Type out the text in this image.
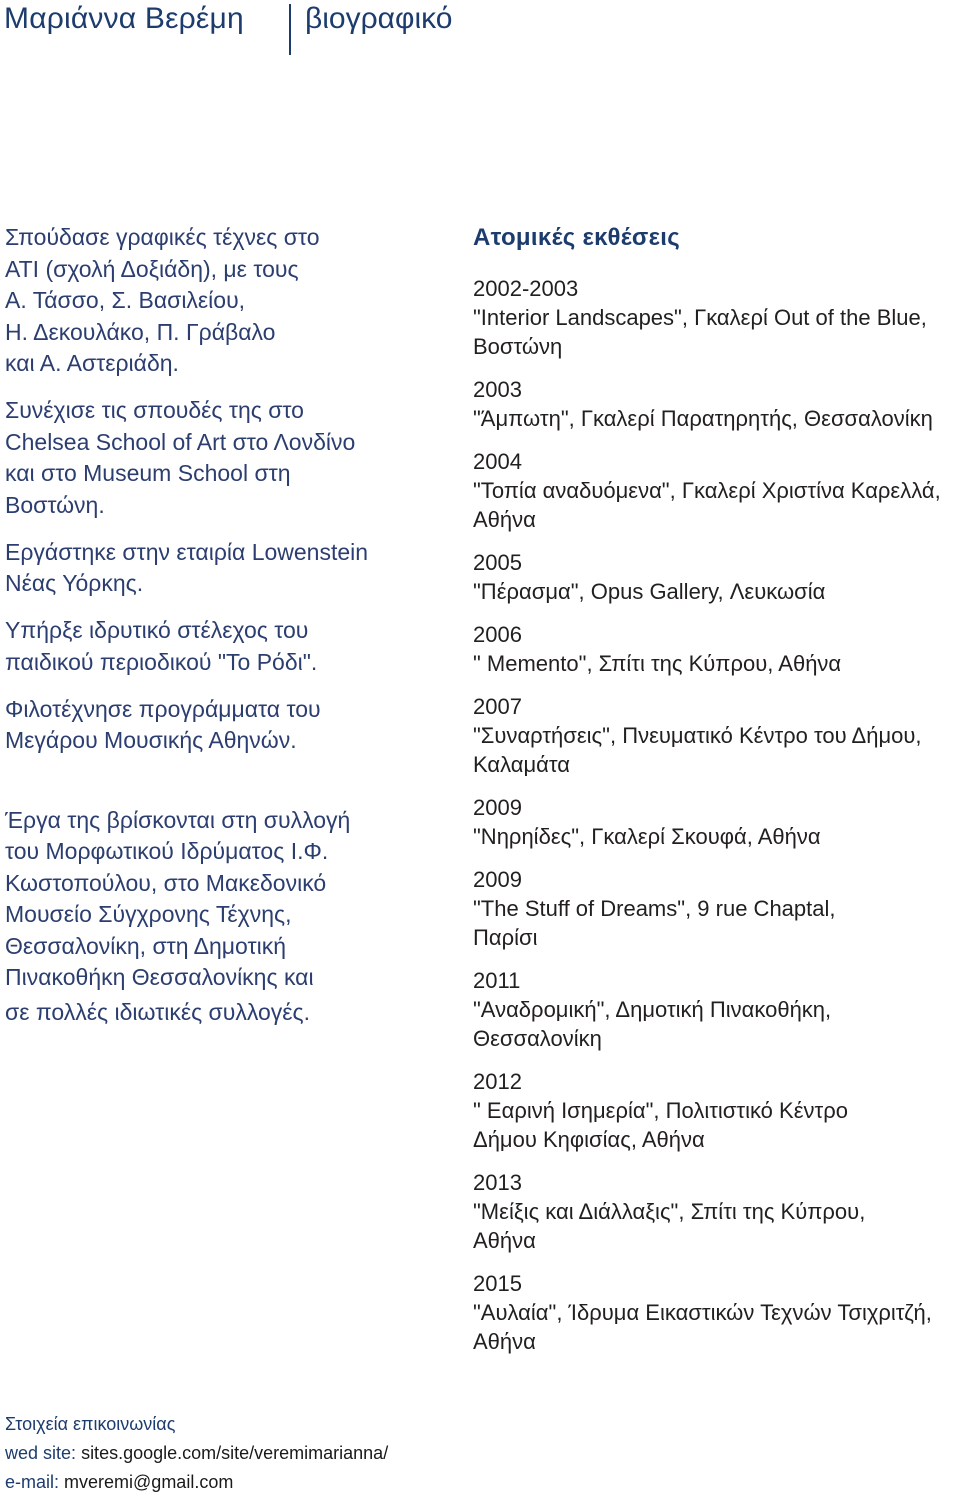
Μαριάννα Βερέμη βιογραφικό

Σπούδασε γραφικές τέχνες στο

ΑΤΙ (σχολή Δοξιάδη), με τους

Α. Τάσσο, Σ. Βασιλείου,

Η. Δεκουλάκο, Π. Γράβαλο

και Α. Αστεριάδη.

Συνέχισε τις σπουδές της στο

Chelsea School of Art στο Λονδίνο

και στο Museum School στη

Βοστώνη.

Εργάστηκε στην εταιρία Lowenstein

Νέας Υόρκης.

Υπήρξε ιδρυτικό στέλεχος του

παιδικού περιοδικού "Το Ρόδι".

Φιλοτέχνησε προγράμματα του

Μεγάρου Μουσικής Αθηνών.

Έργα της βρίσκονται στη συλλογή

του Μορφωτικού Ιδρύματος Ι.Φ.

Κωστοπούλου, στο Μακεδονικό

Μουσείο Σύγχρονης Τέχνης,

Θεσσαλονίκη, στη Δημοτική

Πινακοθήκη Θεσσαλονίκης και

σε πολλές ιδιωτικές συλλογές.

Ατομικές εκθέσεις
2002-2003
"Interior Landscapes", Γκαλερί Out of the Blue,
Βοστώνη
2003
"Άμπωτη", Γκαλερί Παρατηρητής, Θεσσαλονίκη
2004
"Τοπία αναδυόμενα", Γκαλερί Χριστίνα Καρελλά,
Αθήνα
2005
"Πέρασμα", Opus Gallery, Λευκωσία
2006
" Memento", Σπίτι της Κύπρου, Αθήνα
2007
"Συναρτήσεις", Πνευματικό Κέντρο του Δήμου,
Καλαμάτα
2009
"Νηρηίδες", Γκαλερί Σκουφά, Αθήνα
2009
"The Stuff of Dreams", 9 rue Chaptal,
Παρίσι
2011
"Αναδρομική", Δημοτική Πινακοθήκη,
Θεσσαλονίκη
2012
" Εαρινή Ισημερία", Πολιτιστικό Κέντρο
Δήμου Κηφισίας, Αθήνα
2013
"Μείξις και Διάλλαξις", Σπίτι της Κύπρου,
Αθήνα
2015
"Αυλαία", Ίδρυμα Εικαστικών Τεχνών Τσιχριτζή,
Αθήνα
Στοιχεία επικοινωνίας
wed site: sites.google.com/site/veremimarianna/
e-mail: mveremi@gmail.com
